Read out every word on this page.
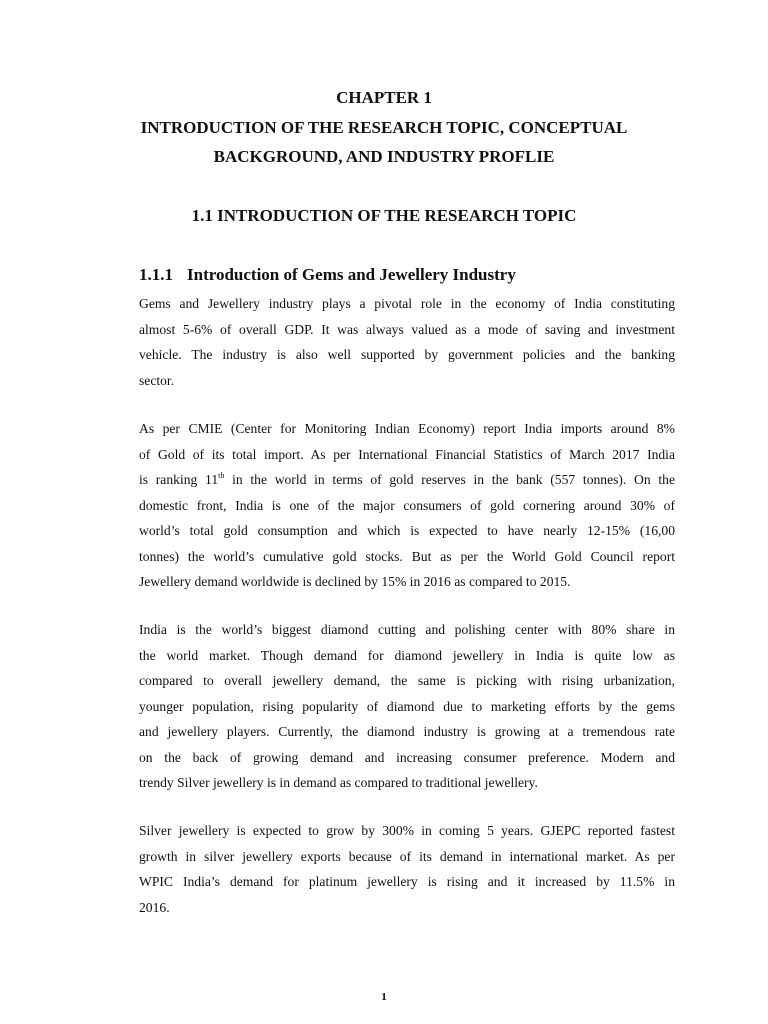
CHAPTER 1
INTRODUCTION OF THE RESEARCH TOPIC, CONCEPTUAL
BACKGROUND, AND INDUSTRY PROFLIE
1.1 INTRODUCTION OF THE RESEARCH TOPIC
1.1.1 Introduction of Gems and Jewellery Industry
Gems and Jewellery industry plays a pivotal role in the economy of India constituting
almost 5-6% of overall GDP. It was always valued as a mode of saving and investment
vehicle. The industry is also well supported by government policies and the banking
sector.
As per CMIE (Center for Monitoring Indian Economy) report India imports around 8%
of Gold of its total import. As per International Financial Statistics of March 2017 India
is ranking 11th in the world in terms of gold reserves in the bank (557 tonnes). On the
domestic front, India is one of the major consumers of gold cornering around 30% of
world’s total gold consumption and which is expected to have nearly 12-15% (16,00
tonnes) the world’s cumulative gold stocks. But as per the World Gold Council report
Jewellery demand worldwide is declined by 15% in 2016 as compared to 2015.
India is the world’s biggest diamond cutting and polishing center with 80% share in
the world market. Though demand for diamond jewellery in India is quite low as
compared to overall jewellery demand, the same is picking with rising urbanization,
younger population, rising popularity of diamond due to marketing efforts by the gems
and jewellery players. Currently, the diamond industry is growing at a tremendous rate
on the back of growing demand and increasing consumer preference. Modern and
trendy Silver jewellery is in demand as compared to traditional jewellery.
Silver jewellery is expected to grow by 300% in coming 5 years. GJEPC reported fastest
growth in silver jewellery exports because of its demand in international market. As per
WPIC India’s demand for platinum jewellery is rising and it increased by 11.5% in
2016.
1
